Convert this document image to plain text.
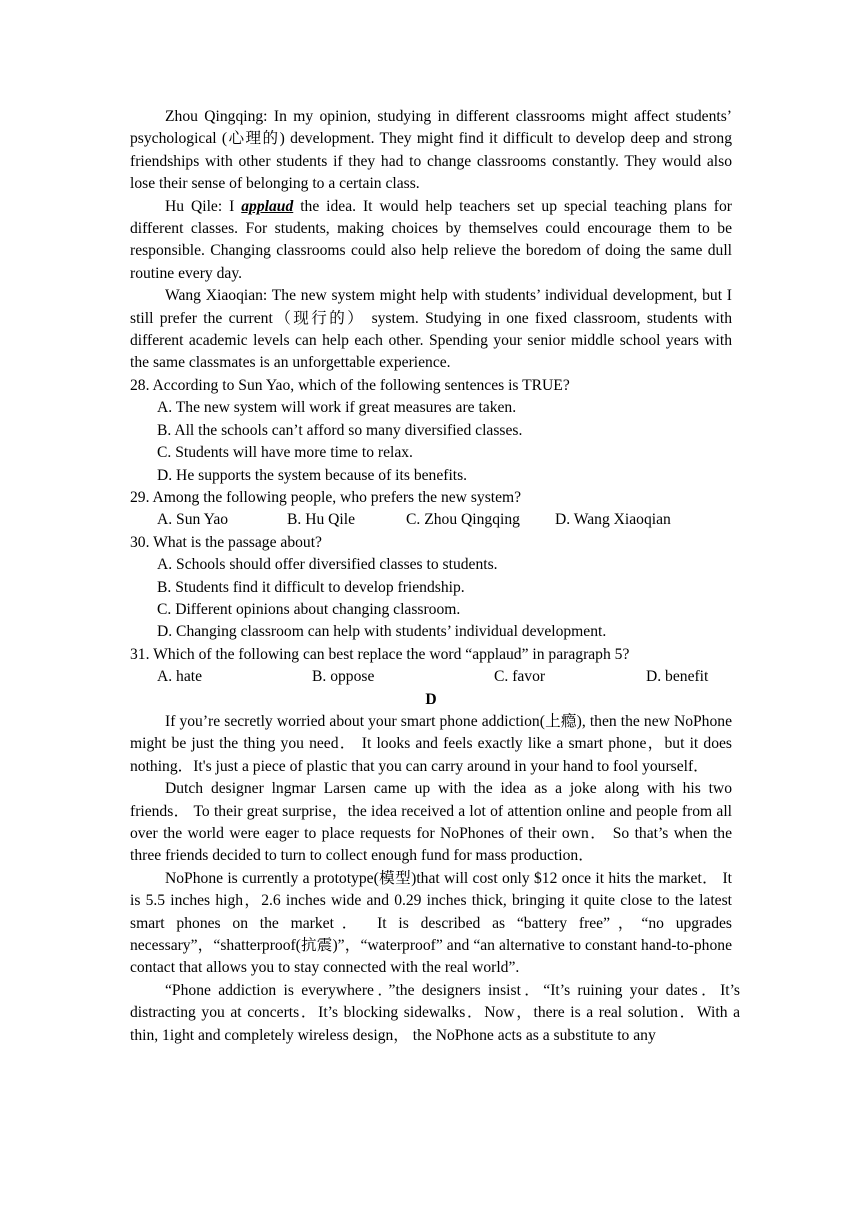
Zhou Qingqing: In my opinion, studying in different classrooms might affect students’ psychological (心理的) development. They might find it difficult to develop deep and strong friendships with other students if they had to change classrooms constantly. They would also lose their sense of belonging to a certain class.

Hu Qile: I applaud the idea. It would help teachers set up special teaching plans for different classes. For students, making choices by themselves could encourage them to be responsible. Changing classrooms could also help relieve the boredom of doing the same dull routine every day.

Wang Xiaoqian: The new system might help with students’ individual development, but I still prefer the current（现行的） system. Studying in one fixed classroom, students with different academic levels can help each other. Spending your senior middle school years with the same classmates is an unforgettable experience.

28. According to Sun Yao, which of the following sentences is TRUE?

A. The new system will work if great measures are taken.

B. All the schools can’t afford so many diversified classes.

C. Students will have more time to relax.

D. He supports the system because of its benefits.

29. Among the following people, who prefers the new system?

A. Sun Yao	B. Hu Qile	C. Zhou Qingqing D. Wang Xiaoqian

30. What is the passage about?

A. Schools should offer diversified classes to students.

B. Students find it difficult to develop friendship.

C. Different opinions about changing classroom.

D. Changing classroom can help with students’ individual development.

31. Which of the following can best replace the word “applaud” in paragraph 5?

A. hate	B. oppose	C. favor	D. benefit

D

If you’re secretly worried about your smart phone addiction(上瘾), then the new NoPhone might be just the thing you need． It looks and feels exactly like a smart phone，but it does nothing．It's just a piece of plastic that you can carry around in your hand to fool yourself．

Dutch designer lngmar Larsen came up with the idea as a joke along with his two friends． To their great surprise，the idea received a lot of attention online and people from all over the world were eager to place requests for NoPhones of their own． So that’s when the three friends decided to turn to collect enough fund for mass production．

NoPhone is currently a prototype(模型)that will cost only $12 once it hits the market． It is 5.5 inches high，2.6 inches wide and 0.29 inches thick, bringing it quite close to the latest smart phones on the market． It is described as “battery free”，“no upgrades necessary”，“shatterproof(抗震)”，“waterproof” and “an alternative to constant hand-to-phone contact that allows you to stay connected with the real world”.

“Phone addiction is everywhere．”the designers insist．“It’s ruining your dates．It’s distracting you at concerts．It’s blocking sidewalks．Now，there is a real solution．With a thin, 1ight and completely wireless design， the NoPhone acts as a substitute to any
